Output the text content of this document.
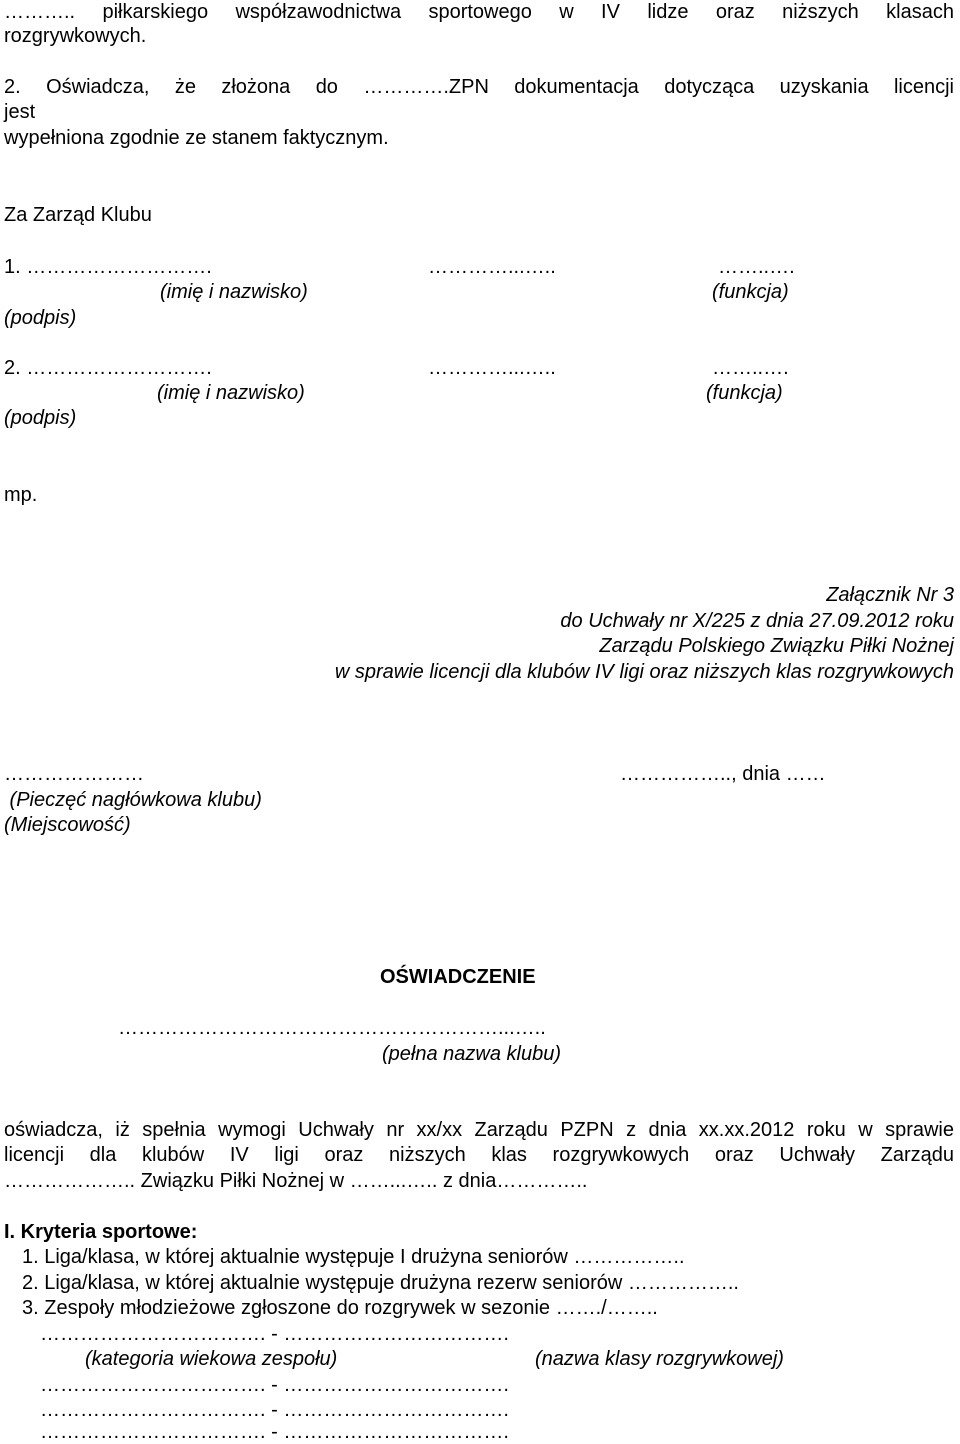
……….. piłkarskiego współzawodnictwa sportowego w IV lidze oraz niższych klasach
rozgrywkowych.
2. Oświadcza, że złożona do ………….ZPN dokumentacja dotycząca uzyskania licencji
jest
wypełniona zgodnie ze stanem faktycznym.
Za Zarząd Klubu
1. ……………………….	…………...…..	……..….
(imię i nazwisko)	(funkcja)
(podpis)
2. ……………………….	…………...…..	……..….
(imię i nazwisko)	(funkcja)
(podpis)
mp.
Załącznik Nr 3
do Uchwały nr X/225 z dnia 27.09.2012 roku
Zarządu Polskiego Związku Piłki Nożnej
w sprawie licencji dla klubów IV ligi oraz niższych klas rozgrywkowych
…………………	…………….., dnia ……
(Pieczęć nagłówkowa klubu)
(Miejscowość)
OŚWIADCZENIE
…………………………………………………...…..
(pełna nazwa klubu)
oświadcza, iż spełnia wymogi Uchwały nr xx/xx Zarządu PZPN z dnia xx.xx.2012 roku w sprawie
licencji dla klubów IV ligi oraz niższych klas rozgrywkowych oraz Uchwały Zarządu
……………….. Związku Piłki Nożnej w ……...….. z dnia…………..
I. Kryteria sportowe:
1. Liga/klasa, w której aktualnie występuje I drużyna seniorów ……………..
2. Liga/klasa, w której aktualnie występuje drużyna rezerw seniorów ……………..
3. Zespoły młodzieżowe zgłoszone do rozgrywek w sezonie ……./……..
……………………………. - …………………………….
(kategoria wiekowa zespołu)	(nazwa klasy rozgrywkowej)
……………………………. - …………………………….
……………………………. - …………………………….
……………………………. - …………………………….
